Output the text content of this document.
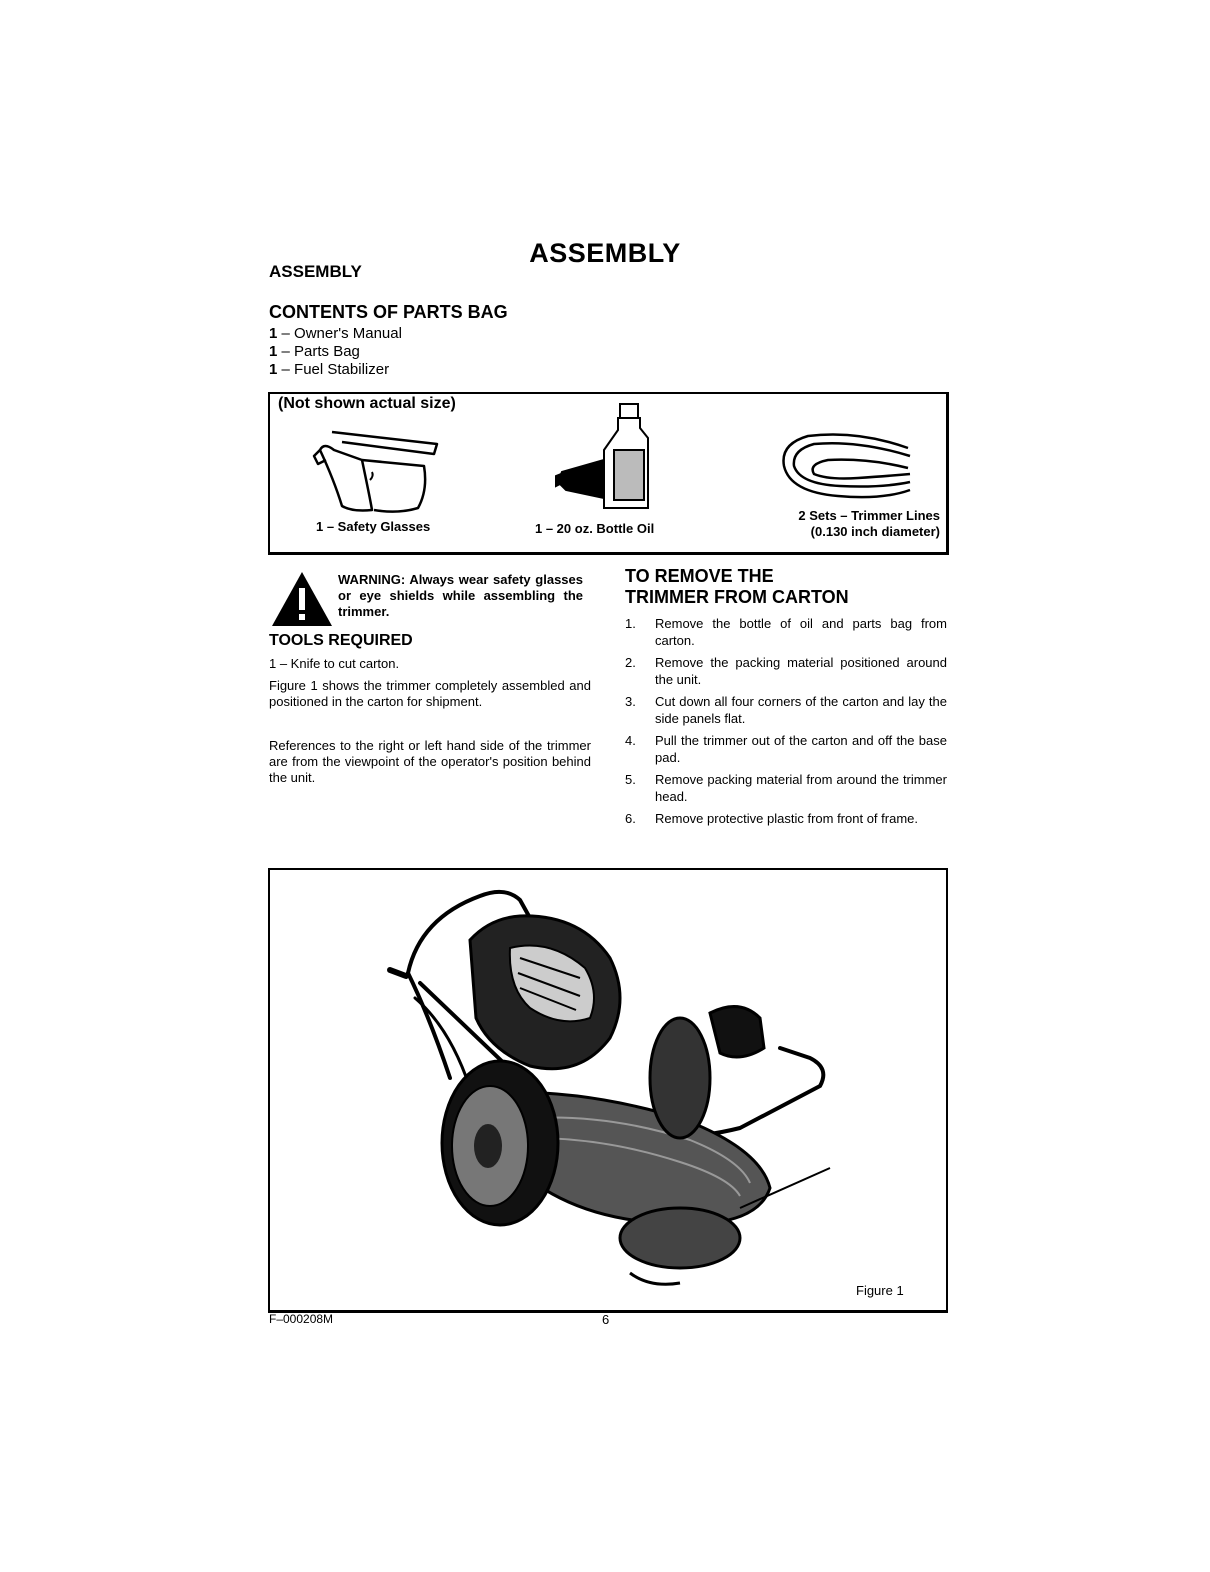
ASSEMBLY
ASSEMBLY
CONTENTS OF PARTS BAG
1 – Owner's Manual
1 – Parts Bag
1 – Fuel Stabilizer
(Not shown actual size)
1 – Safety Glasses	1 – 20 oz. Bottle Oil
2 Sets – Trimmer Lines
(0.130 inch diameter)
WARNING: Always wear safety glasses or eye shields while assembling the trimmer.
TOOLS REQUIRED

1 – Knife to cut carton.

Figure 1 shows the trimmer completely assembled and positioned in the carton for shipment.

References to the right or left hand side of the trimmer are from the viewpoint of the operator's position behind the unit.

TO REMOVE THE
TRIMMER FROM CARTON
1.	Remove the bottle of oil and parts bag from carton.
2.	Remove the packing material positioned around the unit.
3.	Cut down all four corners of the carton and lay the side panels flat.
4.	Pull the trimmer out of the carton and off the base pad.
5.	Remove packing material from around the trimmer head.
6.	Remove protective plastic from front of frame.
Figure 1
F–000208M	6
